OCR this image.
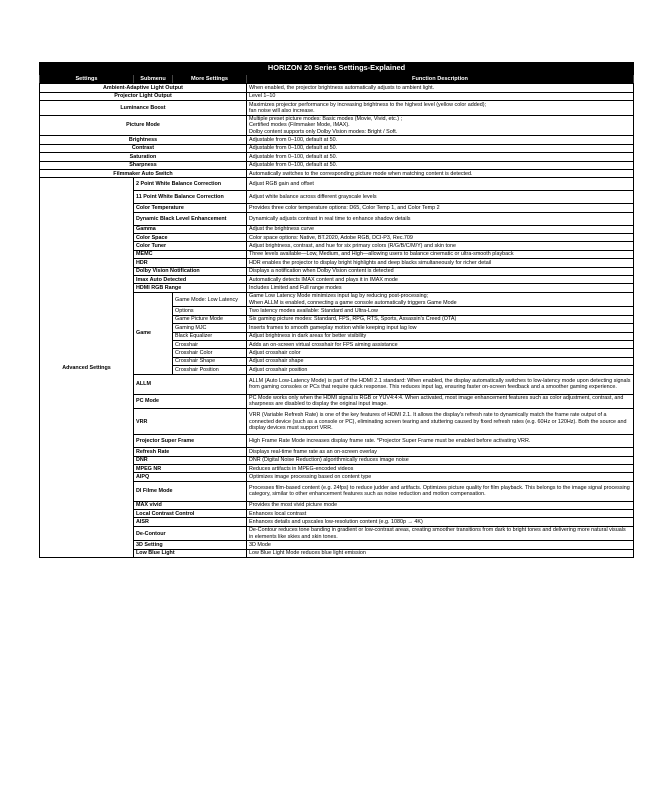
HORIZON 20 Series Settings-Explained			
Settings	Submenu	More Settings	Function Description
Ambient-Adaptive Light Output			When enabled, the projector brightness automatically adjusts to ambient light.
Projector Light Output			Level 1–10
Luminance Boost			Maximizes projector performance by increasing brightness to the highest level (yellow color added);
fan noise will also increase.
Picture Mode			Multiple preset picture modes: Basic modes (Movie, Vivid, etc.) ;
Certified modes (Filmmaker Mode, IMAX).
Dolby content supports only Dolby Vision modes: Bright / Soft.
Brightness			Adjustable from 0–100, default at 50.
Contrast			Adjustable from 0–100, default at 50.
Saturation			Adjustable from 0–100, default at 50.
Sharpness			Adjustable from 0–100, default at 50.
Filmmaker Auto Switch			Automatically switches to the corresponding picture mode when matching content is detected.
Advanced Settings	2 Point White Balance Correction		Adjust RGB gain and offset
	11 Point White Balance Correction		Adjust white balance across different grayscale levels
	Color Temperature		Provides three color temperature options: D65, Color Temp 1, and Color Temp 2
	Dynamic Black Level Enhancement		Dynamically adjusts contrast in real time to enhance shadow details
	Gamma		Adjust the brightness curve
	Color Space		Color space options: Native, BT.2020, Adobe RGB, DCI-P3, Rec.709
	Color Tuner		Adjust brightness, contrast, and hue for six primary colors (R/G/B/C/M/Y) and skin tone
	MEMC		Three levels available—Low, Medium, and High—allowing users to balance cinematic or ultra-smooth playback
	HDR		HDR enables the projector to display bright highlights and deep blacks simultaneously for richer detail
	Dolby Vision Notification		Displays a notification when Dolby Vision content is detected
	Imax Auto Detected		Automatically detects IMAX content and plays it in IMAX mode
	HDMI RGB Range		Includes Limited and Full range modes
	Game	Game Mode: Low Latency	Game Low Latency Mode minimizes input lag by reducing post-processing;
When ALLM is enabled, connecting a game console automatically triggers Game Mode
		Options	Two latency modes available: Standard and Ultra-Low
		Game Picture Mode	Six gaming picture modes: Standard, FPS, RPG, RTS, Sports, Assassin's Creed (OTA)
		Gaming MJC	Inserts frames to smooth gameplay motion while keeping input lag low
		Black Equalizer	Adjust brightness in dark areas for better visibility
		Crosshair	Adds an on-screen virtual crosshair for FPS aiming assistance
		Crosshair Color	Adjust crosshair color
		Crosshair Shape	Adjust crosshair shape
		Crosshair Position	Adjust crosshair position
	ALLM		ALLM (Auto Low-Latency Mode) is part of the HDMI 2.1 standard: When enabled, the display automatically switches to low-latency mode upon detecting signals from gaming consoles or PCs that require quick response. This reduces input lag, ensuring faster on-screen feedback and a smoother gaming experience.
	PC Mode		PC Mode works only when the HDMI signal is RGB or YUV4:4:4. When activated, most image enhancement features such as color adjustment, contrast, and sharpness are disabled to display the original input image.
	VRR		VRR (Variable Refresh Rate) is one of the key features of HDMI 2.1. It allows the display's refresh rate to dynamically match the frame rate output of a connected device (such as a console or PC), eliminating screen tearing and stuttering caused by fixed refresh rates (e.g. 60Hz or 120Hz). Both the source and display devices must support VRR.
	Projector Super Frame		High Frame Rate Mode increases display frame rate. *Projector Super Frame must be enabled before activating VRR.
	Refresh Rate		Displays real-time frame rate as an on-screen overlay
	DNR		DNR (Digital Noise Reduction) algorithmically reduces image noise
	MPEG NR		Reduces artifacts in MPEG-encoded videos
	AIPQ		Optimizes image processing based on content type
	DI Filme Mode		Processes film-based content (e.g. 24fps) to reduce judder and artifacts. Optimizes picture quality for film playback. This belongs to the image signal processing category, similar to other enhancement features such as noise reduction and motion compensation.
	MAX vivid		Provides the most vivid picture mode
	Local Contrast Control		Enhances local contrast
	AISR		Enhances details and upscales low-resolution content (e.g. 1080p → 4K)
	De-Contour		De-Contour reduces tone banding in gradient or low-contrast areas, creating smoother transitions from dark to bright tones and delivering more natural visuals in elements like skies and skin tones.
	3D Setting		3D Mode
	Low Blue Light		Low Blue Light Mode reduces blue light emission
